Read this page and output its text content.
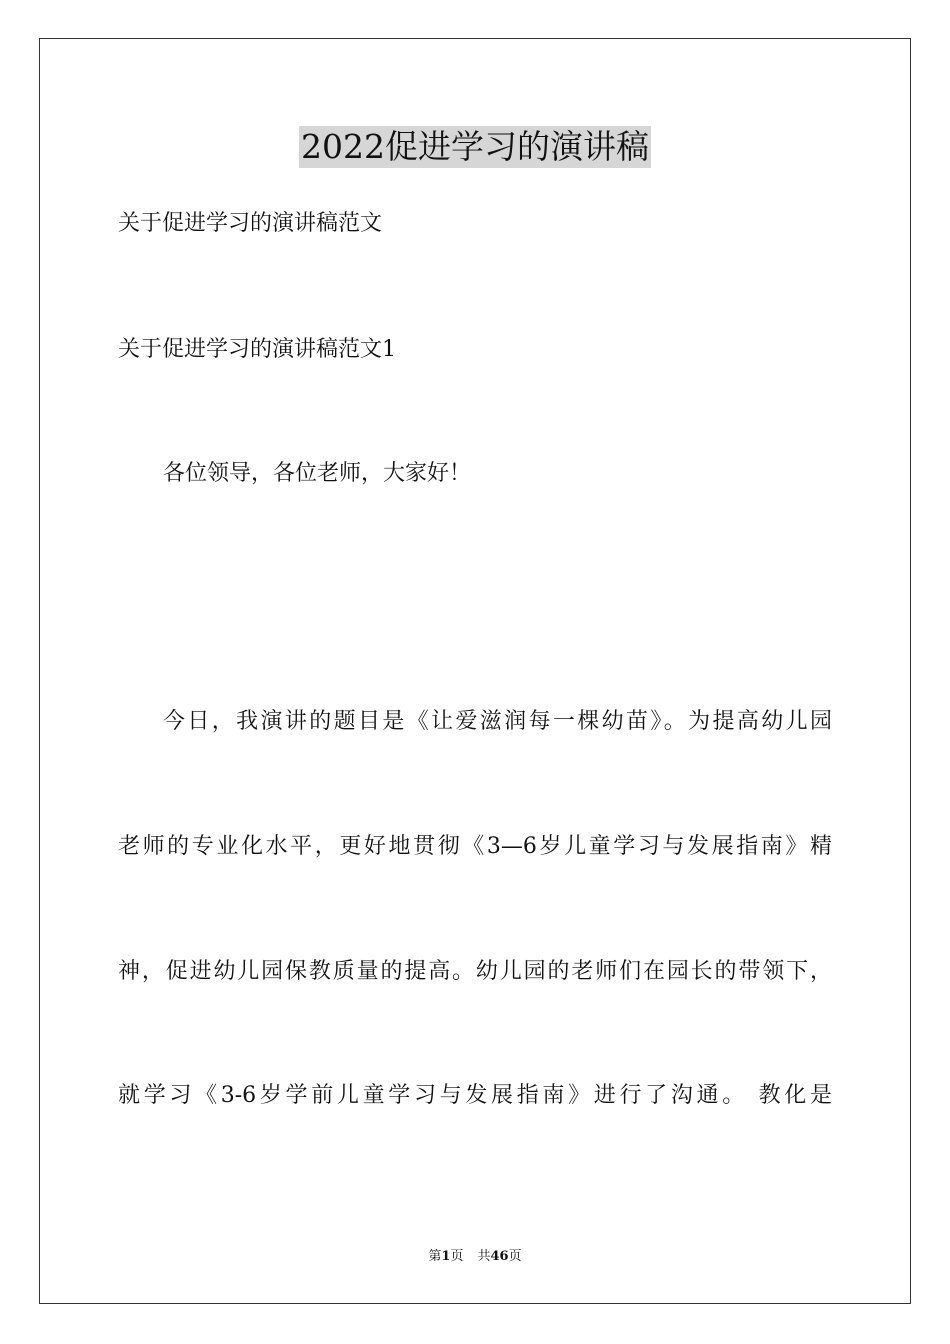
2022促进学习的演讲稿
关于促进学习的演讲稿范文
关于促进学习的演讲稿范文1
各位领导，各位老师，大家好！
今日，我演讲的题目是《让爱滋润每一棵幼苗》。为提高幼儿园
老师的专业化水平，更好地贯彻《3—6岁儿童学习与发展指南》精
神，促进幼儿园保教质量的提高。幼儿园的老师们在园长的带领下，
就学习《3-6岁学前儿童学习与发展指南》进行了沟通。 教化是
第1页 共46页
